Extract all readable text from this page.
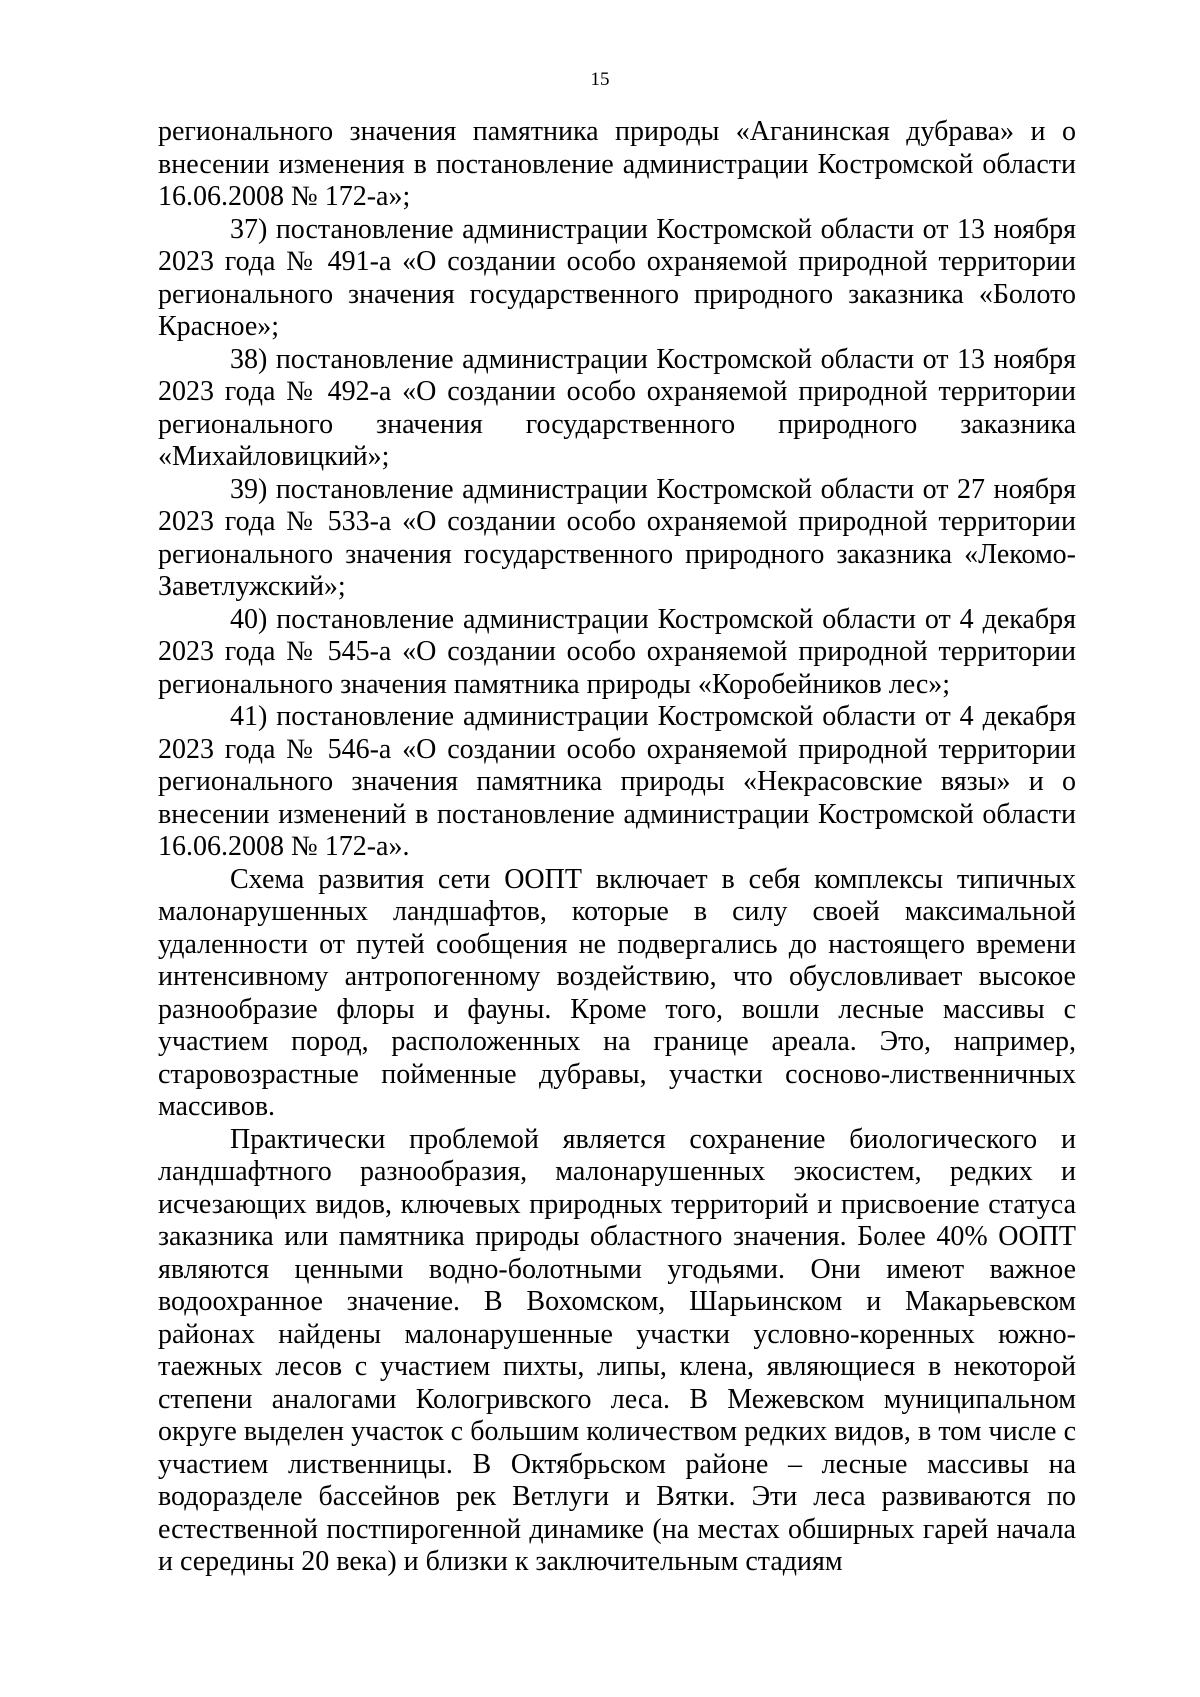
15

регионального значения памятника природы «Аганинская дубрава» и о внесении изменения в постановление администрации Костромской области 16.06.2008 № 172-а»;

37) постановление администрации Костромской области от 13 ноября 2023 года № 491-а «О создании особо охраняемой природной территории регионального значения государственного природного заказника «Болото Красное»;

38) постановление администрации Костромской области от 13 ноября 2023 года № 492-а «О создании особо охраняемой природной территории регионального значения государственного природного заказника «Михайловицкий»;

39) постановление администрации Костромской области от 27 ноября 2023 года № 533-а «О создании особо охраняемой природной территории регионального значения государственного природного заказника «Лекомо-Заветлужский»;

40) постановление администрации Костромской области от 4 декабря 2023 года № 545-а «О создании особо охраняемой природной территории регионального значения памятника природы «Коробейников лес»;

41) постановление администрации Костромской области от 4 декабря 2023 года № 546-а «О создании особо охраняемой природной территории регионального значения памятника природы «Некрасовские вязы» и о внесении изменений в постановление администрации Костромской области 16.06.2008 № 172-а».

Схема развития сети ООПТ включает в себя комплексы типичных малонарушенных ландшафтов, которые в силу своей максимальной удаленности от путей сообщения не подвергались до настоящего времени интенсивному антропогенному воздействию, что обусловливает высокое разнообразие флоры и фауны. Кроме того, вошли лесные массивы с участием пород, расположенных на границе ареала. Это, например, старовозрастные пойменные дубравы, участки сосново-лиственничных массивов.

Практически проблемой является сохранение биологического и ландшафтного разнообразия, малонарушенных экосистем, редких и исчезающих видов, ключевых природных территорий и присвоение статуса заказника или памятника природы областного значения. Более 40% ООПТ являются ценными водно-болотными угодьями. Они имеют важное водоохранное значение. В Вохомском, Шарьинском и Макарьевском районах найдены малонарушенные участки условно-коренных южно-таежных лесов с участием пихты, липы, клена, являющиеся в некоторой степени аналогами Кологривского леса. В Межевском муниципальном округе выделен участок с большим количеством редких видов, в том числе с участием лиственницы. В Октябрьском районе – лесные массивы на водоразделе бассейнов рек Ветлуги и Вятки. Эти леса развиваются по естественной постпирогенной динамике (на местах обширных гарей начала и середины 20 века) и близки к заключительным стадиям
